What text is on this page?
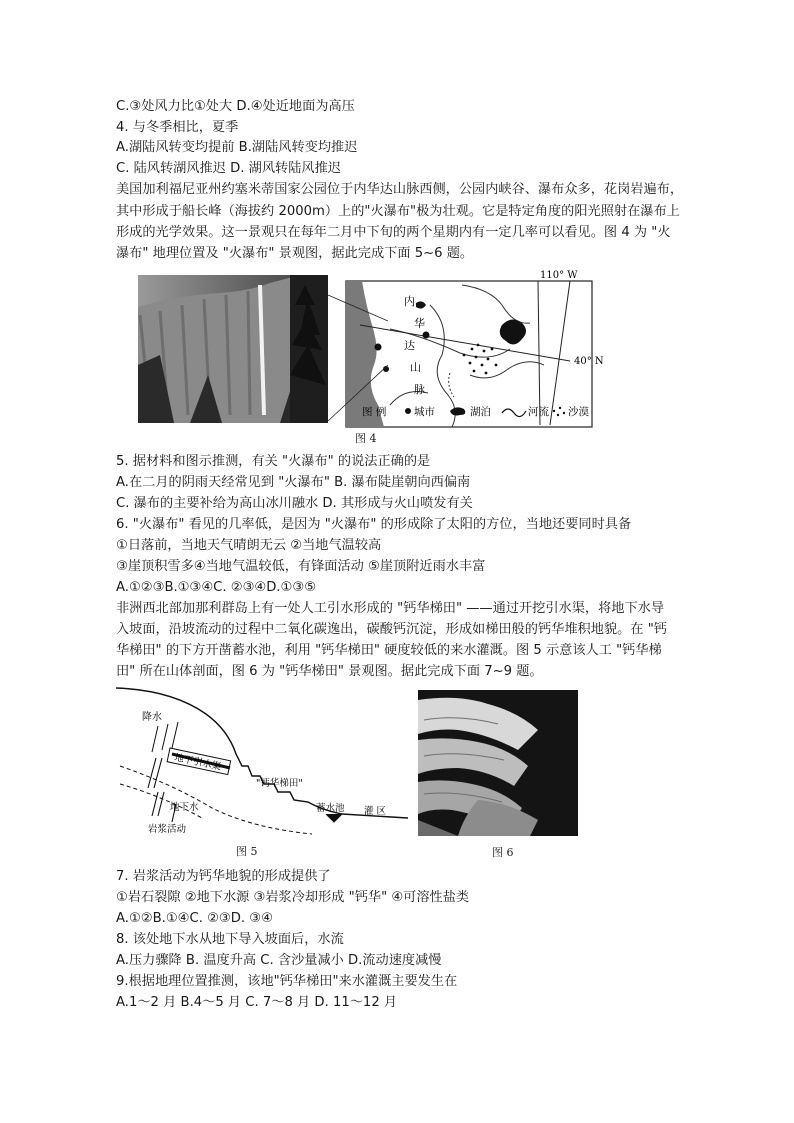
C.③处风力比①处大 D.④处近地面为高压
4. 与冬季相比，夏季
A.湖陆风转变均提前 B.湖陆风转变均推迟
C. 陆风转湖风推迟 D. 湖风转陆风推迟
美国加利福尼亚州约塞米蒂国家公园位于内华达山脉西侧，公园内峡谷、瀑布众多，花岗岩遍布，
其中形成于船长峰（海拔约 2000m）上的"火瀑布"极为壮观。它是特定角度的阳光照射在瀑布上
形成的光学效果。这一景观只在每年二月中下旬的两个星期内有一定几率可以看见。图 4 为 "火
瀑布" 地理位置及 "火瀑布" 景观图，据此完成下面 5~6 题。
110° W
40° N
内
华
达
山
脉
图 例	城市	湖泊	河流 沙漠
图 4
5. 据材料和图示推测，有关 "火瀑布" 的说法正确的是
A.在二月的阴雨天经常见到 "火瀑布" B. 瀑布陡崖朝向西偏南
C. 瀑布的主要补给为高山冰川融水 D. 其形成与火山喷发有关
6. "火瀑布" 看见的几率低，是因为 "火瀑布" 的形成除了太阳的方位，当地还要同时具备
①日落前，当地天气晴朗无云 ②当地气温较高
③崖顶积雪多④当地气温较低，有锋面活动 ⑤崖顶附近雨水丰富
A.①②③B.①③④C. ②③④D.①③⑤
非洲西北部加那利群岛上有一处人工引水形成的 "钙华梯田" ——通过开挖引水渠，将地下水导
入坡面，沿坡流动的过程中二氧化碳逸出，碳酸钙沉淀，形成如梯田般的钙华堆积地貌。在 "钙
华梯田" 的下方开凿蓄水池，利用 "钙华梯田" 硬度较低的来水灌溉。图 5 示意该人工 "钙华梯
田" 所在山体剖面，图 6 为 "钙华梯田" 景观图。据此完成下面 7~9 题。
降水
地下引水渠
"钙华梯田"
地下水
岩浆活动
蓄水池 灌 区
图 5	图 6
7. 岩浆活动为钙华地貌的形成提供了
①岩石裂隙 ②地下水源 ③岩浆冷却形成 "钙华" ④可溶性盐类
A.①②B.①④C. ②③D. ③④
8. 该处地下水从地下导入坡面后，水流
A.压力骤降 B. 温度升高 C. 含沙量减小 D.流动速度减慢
9.根据地理位置推测，该地"钙华梯田"来水灌溉主要发生在
A.1～2 月 B.4～5 月 C. 7～8 月 D. 11～12 月
